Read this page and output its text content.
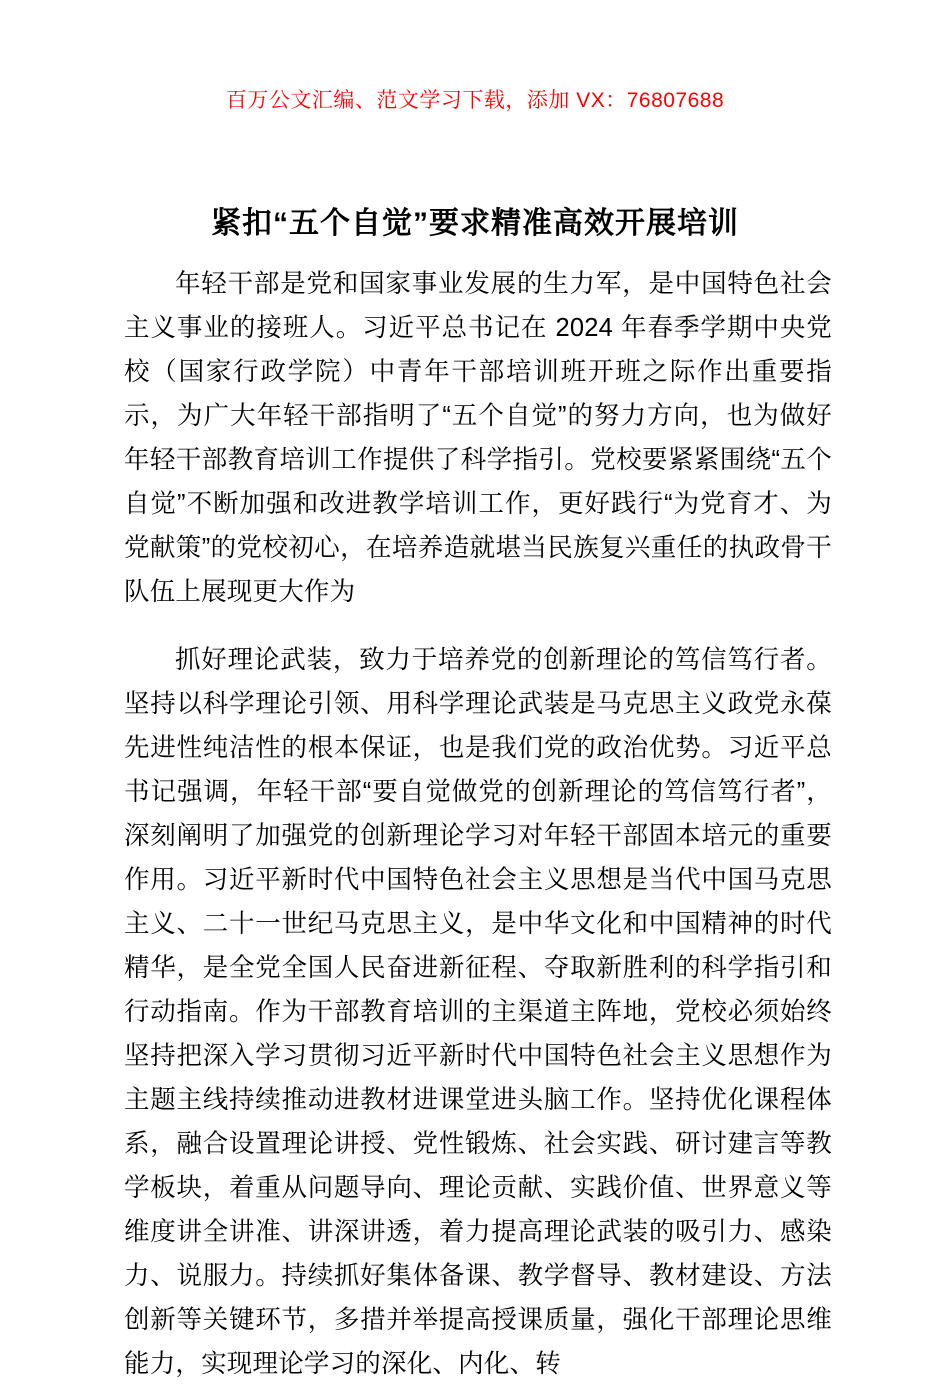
百万公文汇编、范文学习下载，添加 VX：76807688
紧扣“五个自觉”要求精准高效开展培训

年轻干部是党和国家事业发展的生力军，是中国特色社会主义事业的接班人。习近平总书记在 2024 年春季学期中央党校（国家行政学院）中青年干部培训班开班之际作出重要指示，为广大年轻干部指明了“五个自觉”的努力方向，也为做好年轻干部教育培训工作提供了科学指引。党校要紧紧围绕“五个自觉”不断加强和改进教学培训工作，更好践行“为党育才、为党献策”的党校初心，在培养造就堪当民族复兴重任的执政骨干队伍上展现更大作为

抓好理论武装，致力于培养党的创新理论的笃信笃行者。坚持以科学理论引领、用科学理论武装是马克思主义政党永葆先进性纯洁性的根本保证，也是我们党的政治优势。习近平总书记强调，年轻干部“要自觉做党的创新理论的笃信笃行者”，深刻阐明了加强党的创新理论学习对年轻干部固本培元的重要作用。习近平新时代中国特色社会主义思想是当代中国马克思主义、二十一世纪马克思主义，是中华文化和中国精神的时代精华，是全党全国人民奋进新征程、夺取新胜利的科学指引和行动指南。作为干部教育培训的主渠道主阵地，党校必须始终坚持把深入学习贯彻习近平新时代中国特色社会主义思想作为主题主线持续推动进教材进课堂进头脑工作。坚持优化课程体系，融合设置理论讲授、党性锻炼、社会实践、研讨建言等教学板块，着重从问题导向、理论贡献、实践价值、世界意义等维度讲全讲准、讲深讲透，着力提高理论武装的吸引力、感染力、说服力。持续抓好集体备课、教学督导、教材建设、方法创新等关键环节，多措并举提高授课质量，强化干部理论思维能力，实现理论学习的深化、内化、转
